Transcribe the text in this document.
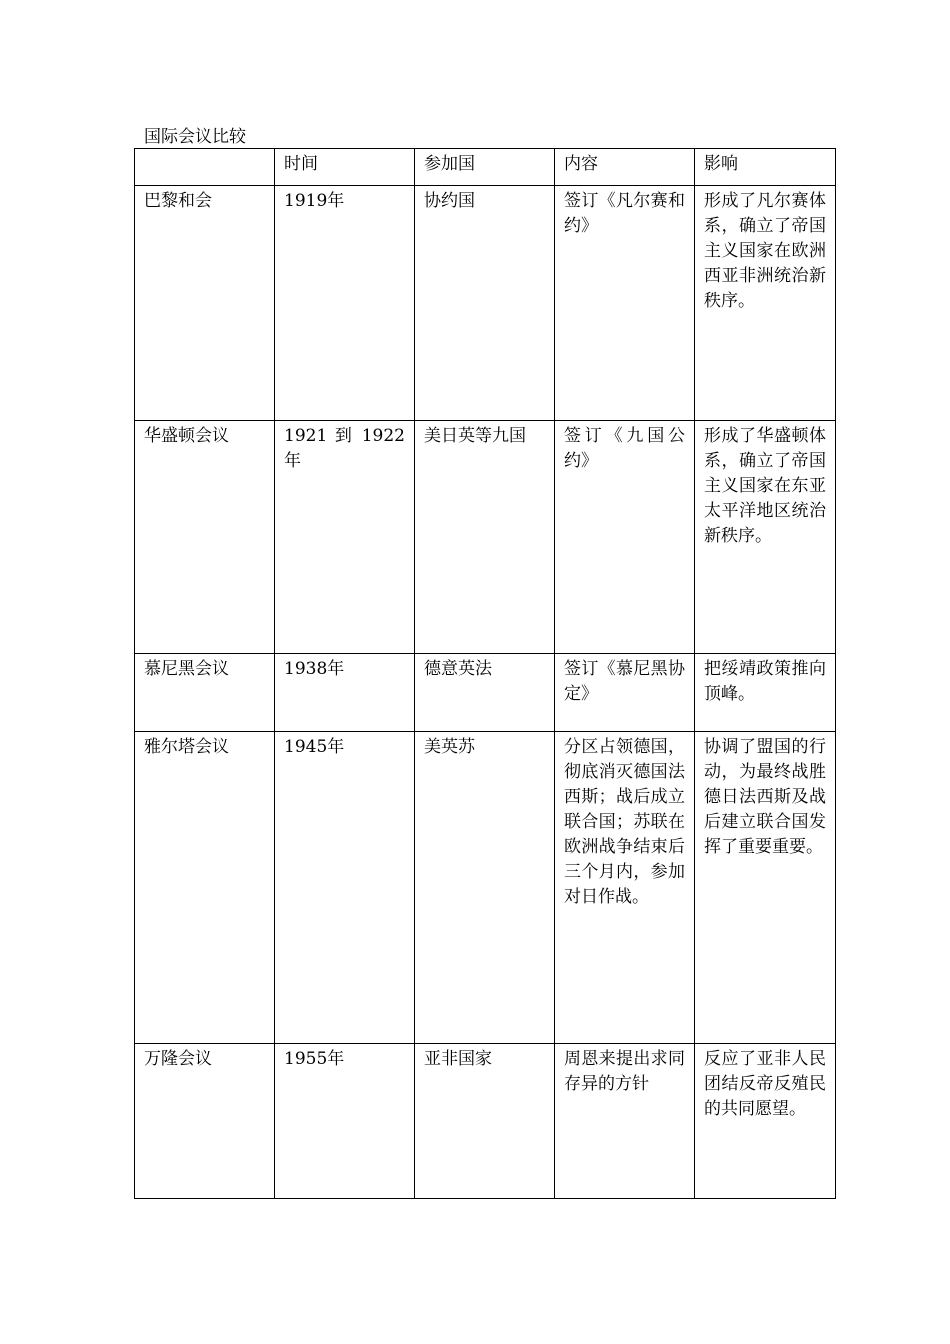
国际会议比较
	时间	参加国	内容	影响
巴黎和会	1919年	协约国	签订《凡尔赛和约》	形成了凡尔赛体系，确立了帝国主义国家在欧洲西亚非洲统治新秩序。
华盛顿会议	1921 到 1922年	美日英等九国	签订《九国公约》	形成了华盛顿体系，确立了帝国主义国家在东亚太平洋地区统治新秩序。
慕尼黑会议	1938年	德意英法	签订《慕尼黑协定》	把绥靖政策推向顶峰。
雅尔塔会议	1945年	美英苏	分区占领德国，彻底消灭德国法西斯；战后成立联合国；苏联在欧洲战争结束后三个月内，参加对日作战。	协调了盟国的行动，为最终战胜德日法西斯及战后建立联合国发挥了重要重要。
万隆会议	1955年	亚非国家	周恩来提出求同存异的方针	反应了亚非人民团结反帝反殖民的共同愿望。
